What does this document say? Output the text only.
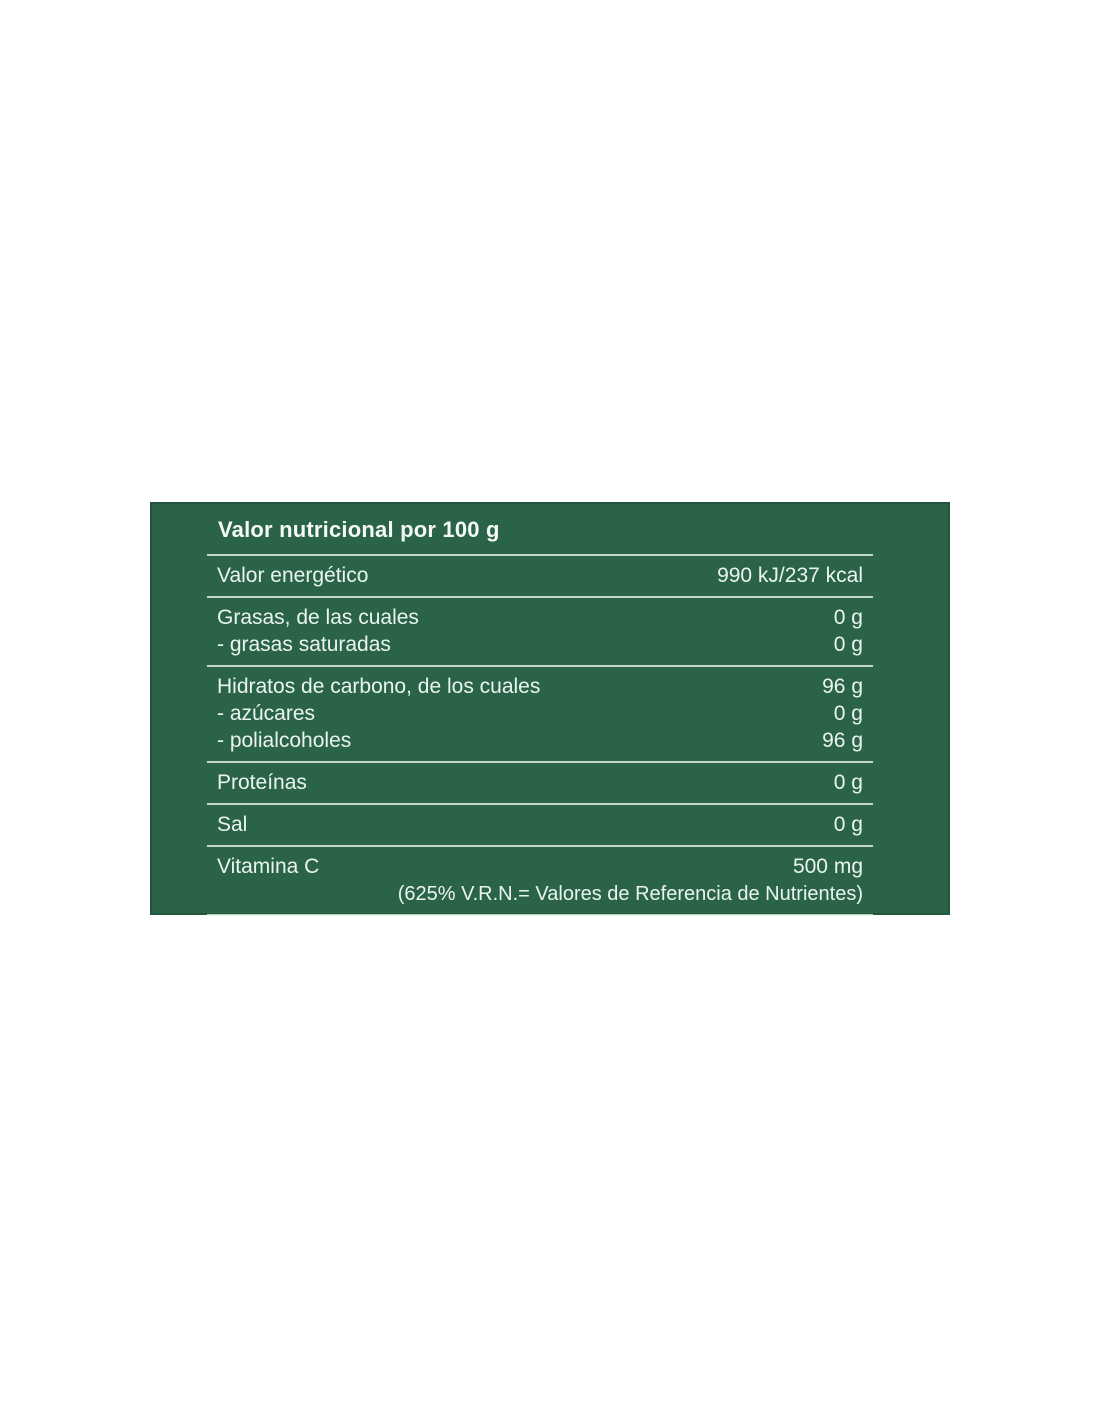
Valor nutricional por 100 g
Valor energético	990 kJ/237 kcal
Grasas, de las cuales	0 g
- grasas saturadas	0 g
Hidratos de carbono, de los cuales	96 g
- azúcares	0 g
- polialcoholes	96 g
Proteínas	0 g
Sal	0 g
Vitamina C	500 mg
(625% V.R.N.= Valores de Referencia de Nutrientes)
